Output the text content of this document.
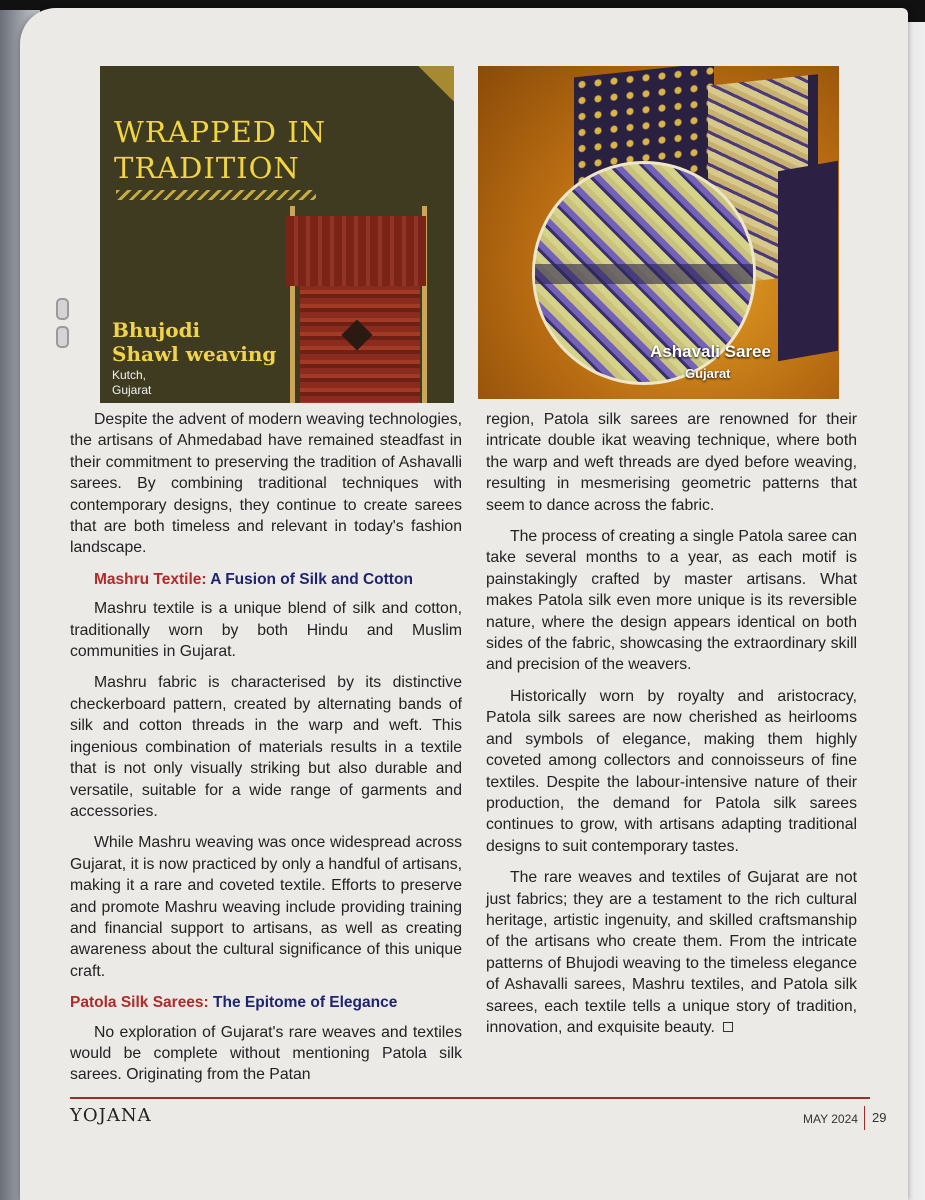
WRAPPED IN
TRADITION
Bhujodi
Shawl weaving
Kutch,
Gujarat
Ashavali Saree
Gujarat

Despite the advent of modern weaving technologies, the artisans of Ahmedabad have remained steadfast in their commitment to preserving the tradition of Ashavalli sarees. By combining traditional techniques with contemporary designs, they continue to create sarees that are both timeless and relevant in today's fashion landscape.

Mashru Textile: A Fusion of Silk and Cotton

Mashru textile is a unique blend of silk and cotton, traditionally worn by both Hindu and Muslim communities in Gujarat.

Mashru fabric is characterised by its distinctive checkerboard pattern, created by alternating bands of silk and cotton threads in the warp and weft. This ingenious combination of materials results in a textile that is not only visually striking but also durable and versatile, suitable for a wide range of garments and accessories.

While Mashru weaving was once widespread across Gujarat, it is now practiced by only a handful of artisans, making it a rare and coveted textile. Efforts to preserve and promote Mashru weaving include providing training and financial support to artisans, as well as creating awareness about the cultural significance of this unique craft.

Patola Silk Sarees: The Epitome of Elegance

No exploration of Gujarat's rare weaves and textiles would be complete without mentioning Patola silk sarees. Originating from the Patan

region, Patola silk sarees are renowned for their intricate double ikat weaving technique, where both the warp and weft threads are dyed before weaving, resulting in mesmerising geometric patterns that seem to dance across the fabric.

The process of creating a single Patola saree can take several months to a year, as each motif is painstakingly crafted by master artisans. What makes Patola silk even more unique is its reversible nature, where the design appears identical on both sides of the fabric, showcasing the extraordinary skill and precision of the weavers.

Historically worn by royalty and aristocracy, Patola silk sarees are now cherished as heirlooms and symbols of elegance, making them highly coveted among collectors and connoisseurs of fine textiles. Despite the labour-intensive nature of their production, the demand for Patola silk sarees continues to grow, with artisans adapting traditional designs to suit contemporary tastes.

The rare weaves and textiles of Gujarat are not just fabrics; they are a testament to the rich cultural heritage, artistic ingenuity, and skilled craftsmanship of the artisans who create them. From the intricate patterns of Bhujodi weaving to the timeless elegance of Ashavalli sarees, Mashru textiles, and Patola silk sarees, each textile tells a unique story of tradition, innovation, and exquisite beauty.

YOJANA	MAY 2024 29
